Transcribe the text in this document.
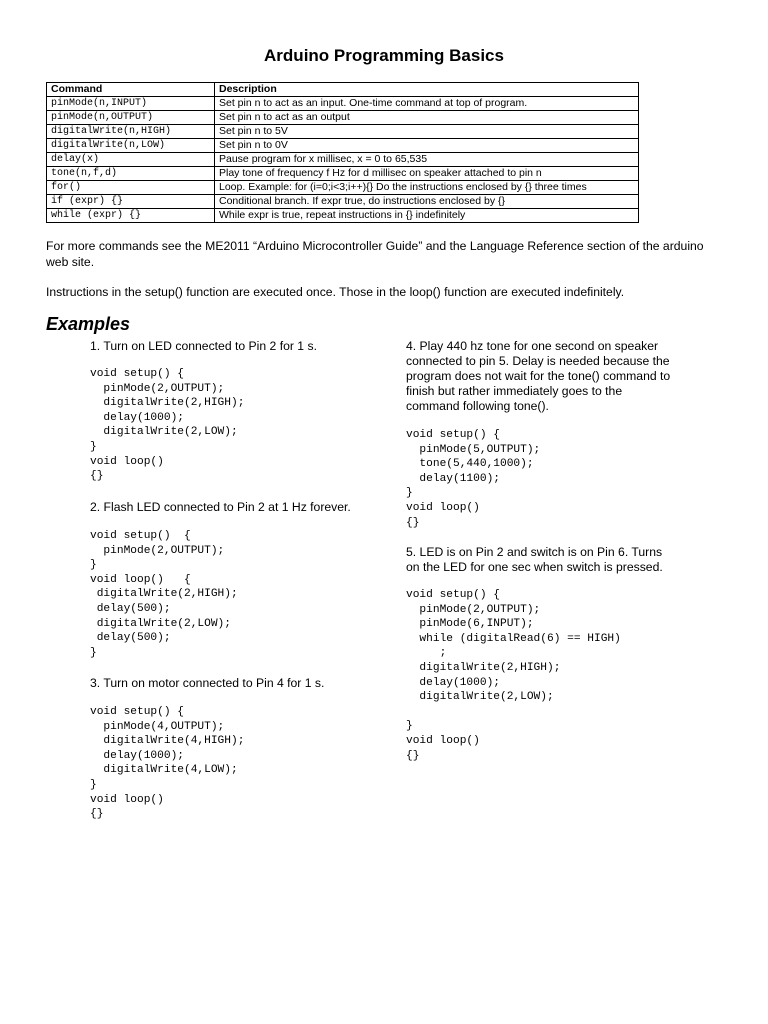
Arduino Programming Basics
Command	Description
pinMode(n,INPUT)	Set pin n to act as an input. One-time command at top of program.
pinMode(n,OUTPUT)	Set pin n to act as an output
digitalWrite(n,HIGH)	Set pin n to 5V
digitalWrite(n,LOW)	Set pin n to 0V
delay(x)	Pause program for x millisec, x = 0 to 65,535
tone(n,f,d)	Play tone of frequency f Hz for d millisec on speaker attached to pin n
for()	Loop. Example: for (i=0;i<3;i++){} Do the instructions enclosed by {} three times
if (expr) {}	Conditional branch. If expr true, do instructions enclosed by {}
while (expr) {}	While expr is true, repeat instructions in {} indefinitely
For more commands see the ME2011 “Arduino Microcontroller Guide” and the Language Reference section of the arduino web site.
Instructions in the setup() function are executed once. Those in the loop() function are executed indefinitely.
Examples
1. Turn on LED connected to Pin 2 for 1 s.
void setup() {
pinMode(2,OUTPUT);
digitalWrite(2,HIGH);
delay(1000);
digitalWrite(2,LOW);
}
void loop()
{}
2. Flash LED connected to Pin 2 at 1 Hz forever.
void setup()  {
pinMode(2,OUTPUT);
}
void loop()   {
digitalWrite(2,HIGH);
delay(500);
digitalWrite(2,LOW);
delay(500);
}
3. Turn on motor connected to Pin 4 for 1 s.
void setup() {
pinMode(4,OUTPUT);
digitalWrite(4,HIGH);
delay(1000);
digitalWrite(4,LOW);
}
void loop()
{}
4. Play 440 hz tone for one second on speaker connected to pin 5. Delay is needed because the program does not wait for the tone() command to finish but rather immediately goes to the command following tone().
void setup() {
pinMode(5,OUTPUT);
tone(5,440,1000);
delay(1100);
}
void loop()
{}
5. LED is on Pin 2 and switch is on Pin 6. Turns on the LED for one sec when switch is pressed.
void setup() {
pinMode(2,OUTPUT);
pinMode(6,INPUT);
while (digitalRead(6) == HIGH)
;
digitalWrite(2,HIGH);
delay(1000);
digitalWrite(2,LOW);

}
void loop()
{}
